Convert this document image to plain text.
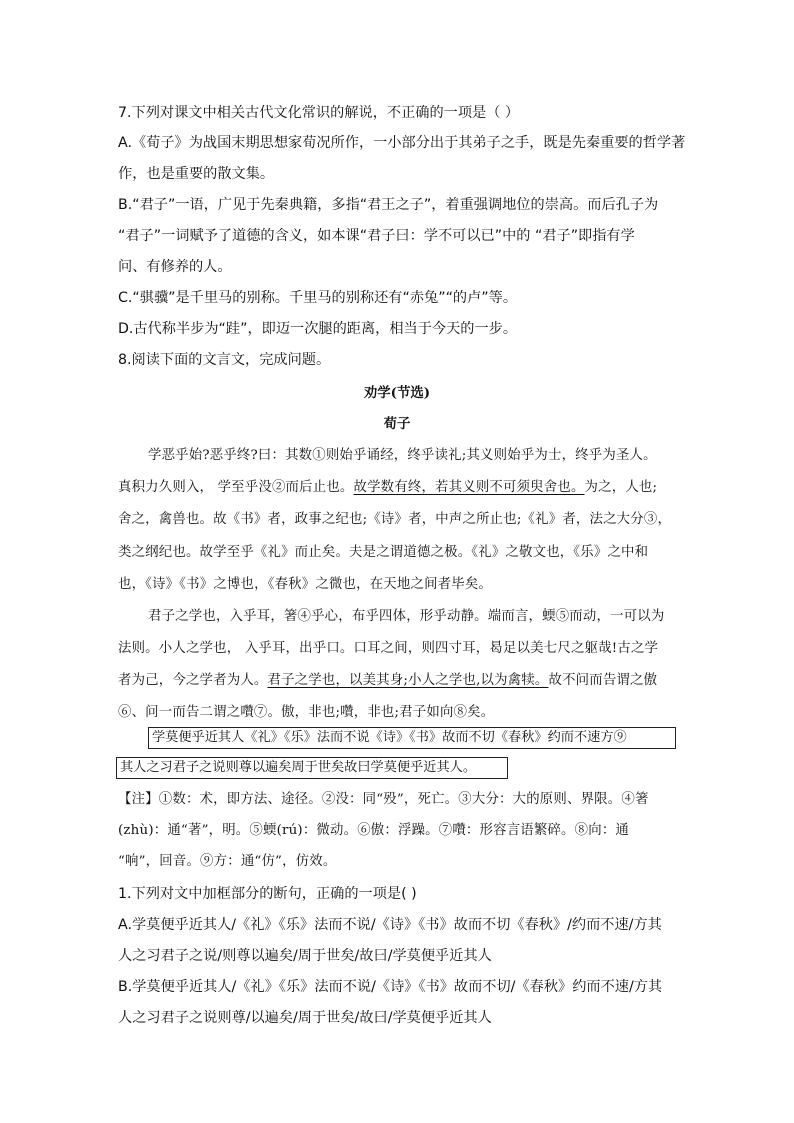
7.下列对课文中相关古代文化常识的解说，不正确的一项是（ ）
A.《荀子》为战国末期思想家荀况所作，一小部分出于其弟子之手，既是先秦重要的哲学著
作，也是重要的散文集。
B.“君子”一语，广见于先秦典籍，多指“君王之子”，着重强调地位的崇高。而后孔子为
“君子”一词赋予了道德的含义，如本课“君子曰：学不可以已”中的 “君子”即指有学
问、有修养的人。
C.“骐骥”是千里马的别称。千里马的别称还有“赤兔”“的卢”等。
D.古代称半步为“跬”，即迈一次腿的距离，相当于今天的一步。
8.阅读下面的文言文，完成问题。
劝学(节选)
荀子
学恶乎始?恶乎终?曰：其数①则始乎诵经，终乎读礼;其义则始乎为士，终乎为圣人。
真积力久则入， 学至乎没②而后止也。故学数有终，若其义则不可须臾舍也。为之，人也;
舍之，禽兽也。故《书》者，政事之纪也;《诗》者，中声之所止也;《礼》者，法之大分③，
类之纲纪也。故学至乎《礼》而止矣。夫是之谓道德之极。《礼》之敬文也，《乐》之中和
也，《诗》《书》之博也，《春秋》之微也，在天地之间者毕矣。
君子之学也，入乎耳，箸④乎心，布乎四体，形乎动静。端而言，蝡⑤而动，一可以为
法则。小人之学也， 入乎耳，出乎口。口耳之间，则四寸耳，曷足以美七尺之躯哉!古之学
者为己，今之学者为人。君子之学也，以美其身;小人之学也,以为禽犊。故不问而告谓之傲
⑥、问一而告二谓之囋⑦。傲，非也;囋，非也;君子如向⑧矣。
学莫便乎近其人《礼》《乐》法而不说《诗》《书》故而不切《春秋》约而不速方⑨
其人之习君子之说则尊以遍矣周于世矣故曰学莫便乎近其人。
【注】①数：术，即方法、途径。②没：同“殁”，死亡。③大分：大的原则、界限。④箸
(zhù)：通“著”，明。⑤蝡(rú)：微动。⑥傲：浮躁。⑦囋：形容言语繁碎。⑧向：通
“响”，回音。⑨方：通“仿”，仿效。
1.下列对文中加框部分的断句，正确的一项是( )
A.学莫便乎近其人/《礼》《乐》法而不说/《诗》《书》故而不切《春秋》/约而不速/方其
人之习君子之说/则尊以遍矣/周于世矣/故曰/学莫便乎近其人
B.学莫便乎近其人/《礼》《乐》法而不说/《诗》《书》故而不切/《春秋》约而不速/方其
人之习君子之说则尊/以遍矣/周于世矣/故曰/学莫便乎近其人
